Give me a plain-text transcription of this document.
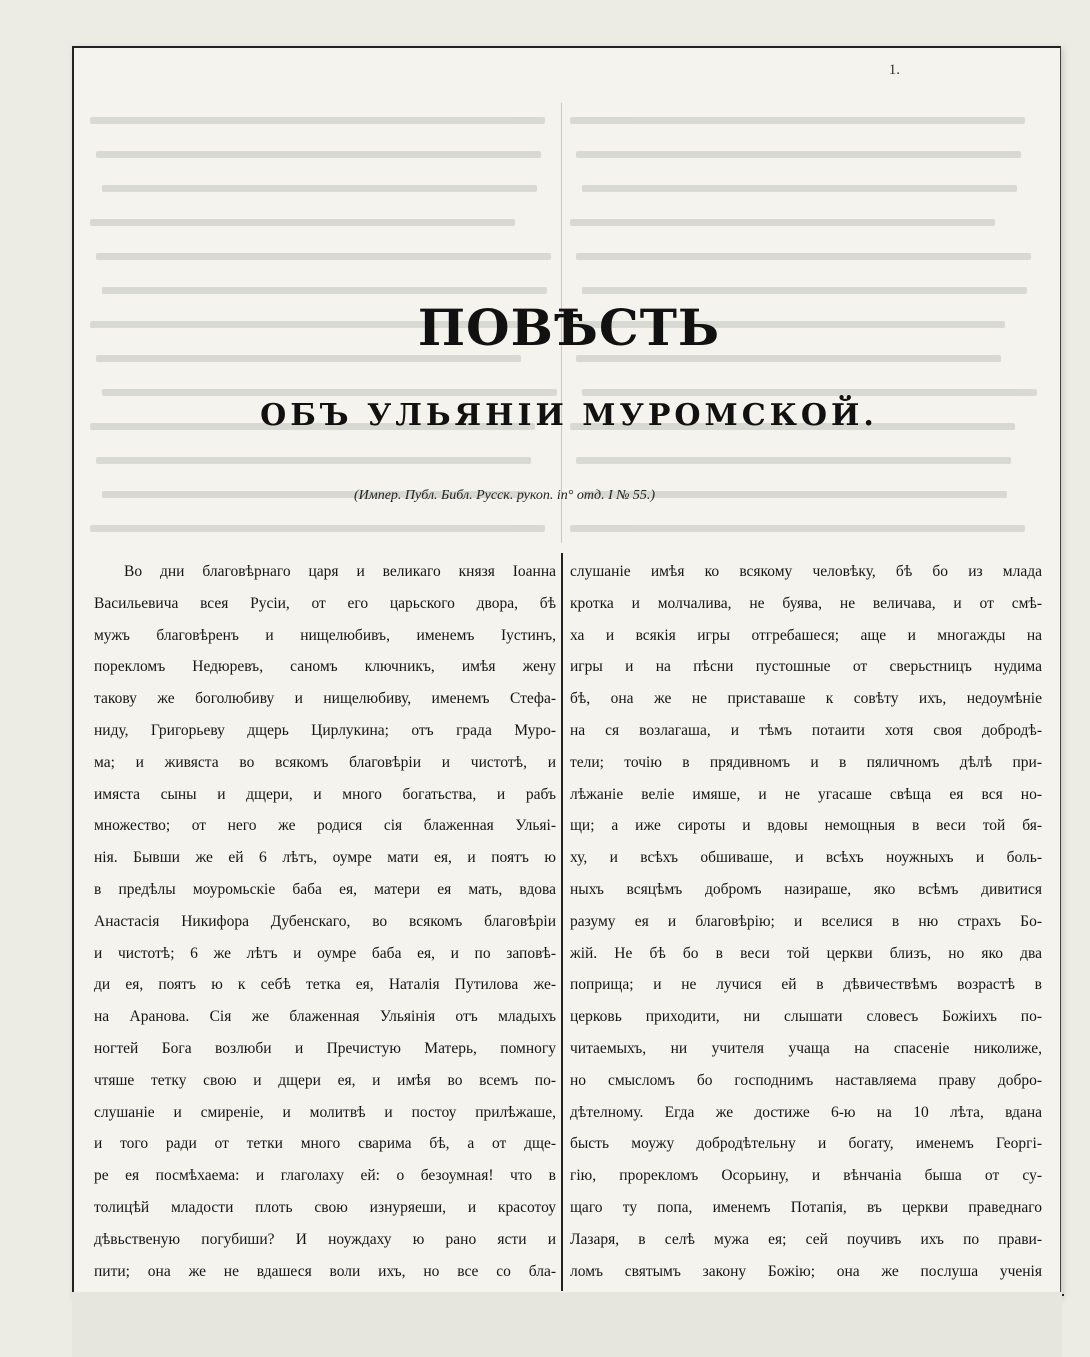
1.
ПОВѢСТЬ
ОБЪ УЛЬЯНІИ МУРОМСКОЙ.
(Импер. Публ. Библ. Русск. рукоп. in° отд. I № 55.)
Во дни благовѣрнаго царя и великаго князя Іоанна
Васильевича всея Русіи, от его царьского двора, бѣ
мужъ благовѣренъ и нищелюбивъ, именемъ Іустинъ,
порекломъ Недюревъ, саномъ ключникъ, имѣя жену
такову же боголюбиву и нищелюбиву, именемъ Стефа-
ниду, Григорьеву дщерь Цирлукина; отъ града Муро-
ма; и живяста во всякомъ благовѣріи и чистотѣ, и
имяста сыны и дщери, и много богатьства, и рабъ
множество; от него же родися сія блаженная Ульяі-
нія. Бывши же ей 6 лѣтъ, оумре мати ея, и поятъ ю
в предѣлы моуромьскіе баба ея, матери ея мать, вдова
Анастасія Никифора Дубенскаго, во всякомъ благовѣріи
и чистотѣ; 6 же лѣтъ и оумре баба ея, и по заповѣ-
ди ея, поятъ ю к себѣ тетка ея, Наталія Путилова же-
на Аранова. Сія же блаженная Ульяінія отъ младыхъ
ногтей Бога возлюби и Пречистую Матерь, помногу
чтяше тетку свою и дщери ея, и имѣя во всемъ по-
слушаніе и смиреніе, и молитвѣ и постоу прилѣжаше,
и того ради от тетки много сварима бѣ, а от дще-
ре ея посмѣхаема: и глаголаху ей: о безоумная! что в
толицѣй младости плоть свою изнуряеши, и красотоу
дѣвьственую погубиши? И ноуждаху ю рано ясти и
пити; она же не вдашеся воли ихъ, но все со бла-
слушаніе имѣя ко всякому человѣку, бѣ бо из млада
кротка и молчалива, не буява, не величава, и от смѣ-
ха и всякія игры отгребашеся; аще и многажды на
игры и на пѣсни пустошные от сверьстницъ нудима
бѣ, она же не приставаше к совѣту ихъ, недоумѣніе
на ся возлагаша, и тѣмъ потаити хотя своя добродѣ-
тели; точію в прядивномъ и в пяличномъ дѣлѣ при-
лѣжаніе веліе имяше, и не угасаше свѣща ея вся но-
щи; а иже сироты и вдовы немощныя в веси той бя-
ху, и всѣхъ обшиваше, и всѣхъ ноужныхъ и боль-
ныхъ всяцѣмъ добромъ назираше, яко всѣмъ дивитися
разуму ея и благовѣрію; и вселися в ню страхъ Бо-
жій. Не бѣ бо в веси той церкви близъ, но яко два
поприща; и не лучися ей в дѣвичествѣмъ возрастѣ в
церковь приходити, ни слышати словесъ Божіихъ по-
читаемыхъ, ни учителя учаща на спасеніе николиже,
но смысломъ бо господнимъ наставляема праву добро-
дѣтелному. Егда же достиже 6-ю на 10 лѣта, вдана
бысть моужу добродѣтельну и богату, именемъ Георгі-
гію, прорекломъ Осорьину, и вѣнчаніа быша от су-
щаго ту попа, именемъ Потапія, въ церкви праведнаго
Лазаря, в селѣ мужа ея; сей поучивъ ихъ по прави-
ломъ святымъ закону Божію; она же послуша ученія
